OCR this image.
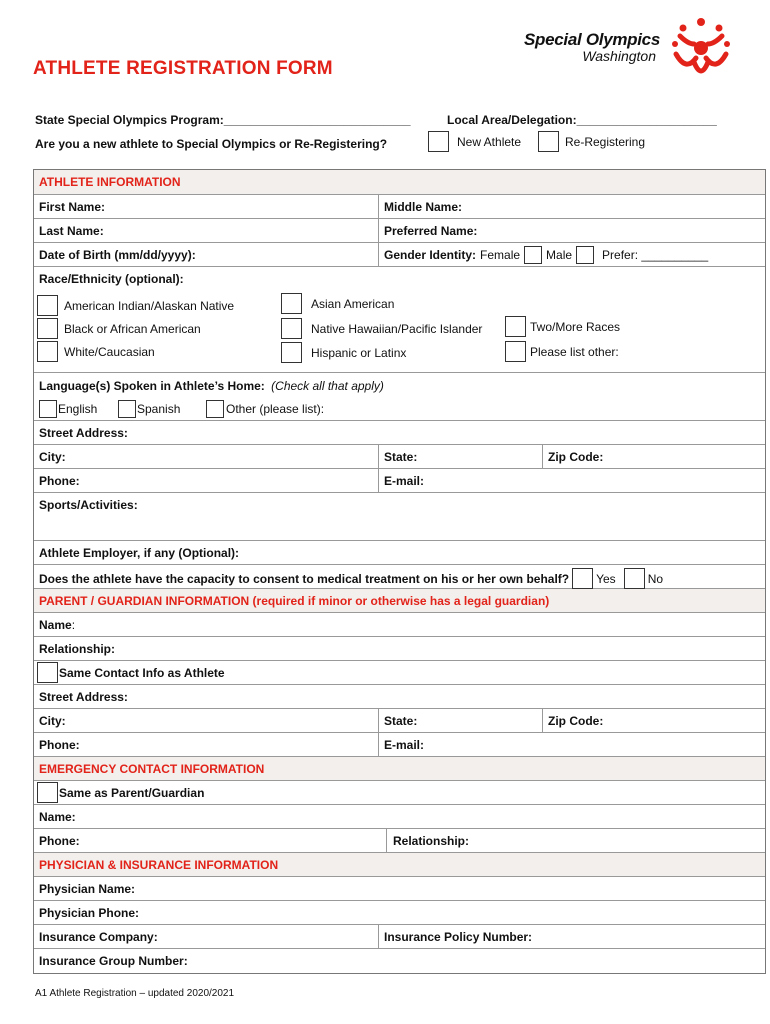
ATHLETE REGISTRATION FORM
Special Olympics
Washington
State Special Olympics Program:____________________________	Local Area/Delegation:_____________________
Are you a new athlete to Special Olympics or Re-Registering?	New Athlete	Re-Registering
ATHLETE INFORMATION
First Name:	Middle Name:
Last Name:	Preferred Name:
Date of Birth (mm/dd/yyyy):	Gender Identity: Female Male	Prefer: __________
Race/Ethnicity (optional):
American Indian/Alaskan Native
Black or African American
White/Caucasian
Asian American
Native Hawaiian/Pacific Islander
Hispanic or Latinx
Two/More Races
Please list other:
Language(s) Spoken in Athlete’s Home: (Check all that apply)
English	Spanish	Other (please list):
Street Address:
City:	State:	Zip Code:
Phone:	E-mail:
Sports/Activities:
Athlete Employer, if any (Optional):
Does the athlete have the capacity to consent to medical treatment on his or her own behalf? Yes	No
PARENT / GUARDIAN INFORMATION (required if minor or otherwise has a legal guardian)
Name:
Relationship:
Same Contact Info as Athlete
Street Address:
City:	State:	Zip Code:
Phone:	E-mail:
EMERGENCY CONTACT INFORMATION
Same as Parent/Guardian
Name:
Phone:	Relationship:
PHYSICIAN & INSURANCE INFORMATION
Physician Name:
Physician Phone:
Insurance Company:	Insurance Policy Number:
Insurance Group Number:
A1 Athlete Registration – updated 2020/2021
